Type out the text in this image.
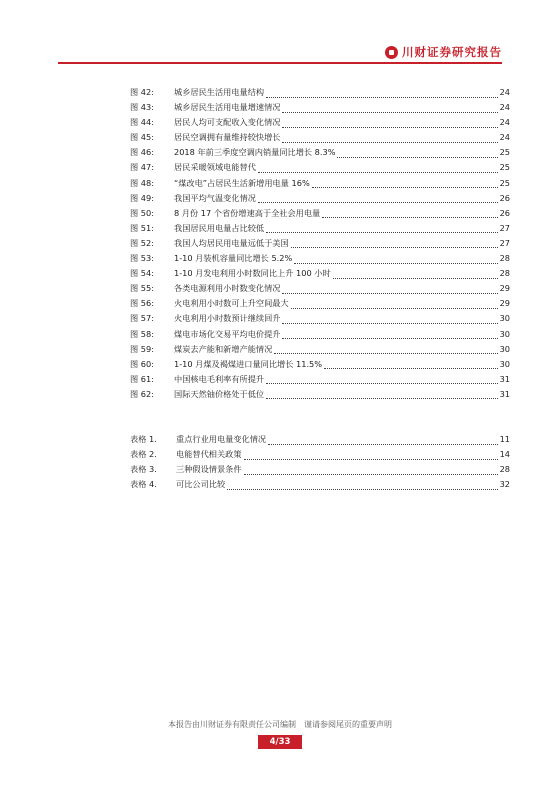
川财证券研究报告
图 42: 城乡居民生活用电量结构	24
图 43: 城乡居民生活用电量增速情况	24
图 44: 居民人均可支配收入变化情况	24
图 45: 居民空调拥有量维持较快增长	24
图 46: 2018 年前三季度空调内销量同比增长 8.3%	25
图 47: 居民采暖领域电能替代	25
图 48: “煤改电”占居民生活新增用电量 16%	25
图 49: 我国平均气温变化情况	26
图 50: 8 月份 17 个省份增速高于全社会用电量	26
图 51: 我国居民用电量占比较低	27
图 52: 我国人均居民用电量远低于美国	27
图 53: 1-10 月装机容量同比增长 5.2%	28
图 54: 1-10 月发电利用小时数同比上升 100 小时	28
图 55: 各类电源利用小时数变化情况	29
图 56: 火电利用小时数可上升空间最大	29
图 57: 火电利用小时数预计继续回升	30
图 58: 煤电市场化交易平均电价提升	30
图 59: 煤炭去产能和新增产能情况	30
图 60: 1-10 月煤及褐煤进口量同比增长 11.5%	30
图 61: 中国核电毛利率有所提升	31
图 62: 国际天然铀价格处于低位	31
表格 1. 重点行业用电量变化情况	11
表格 2. 电能替代相关政策	14
表格 3. 三种假设情景条件	28
表格 4. 可比公司比较	32
本报告由川财证券有限责任公司编制　谨请参阅尾页的重要声明
4/33
